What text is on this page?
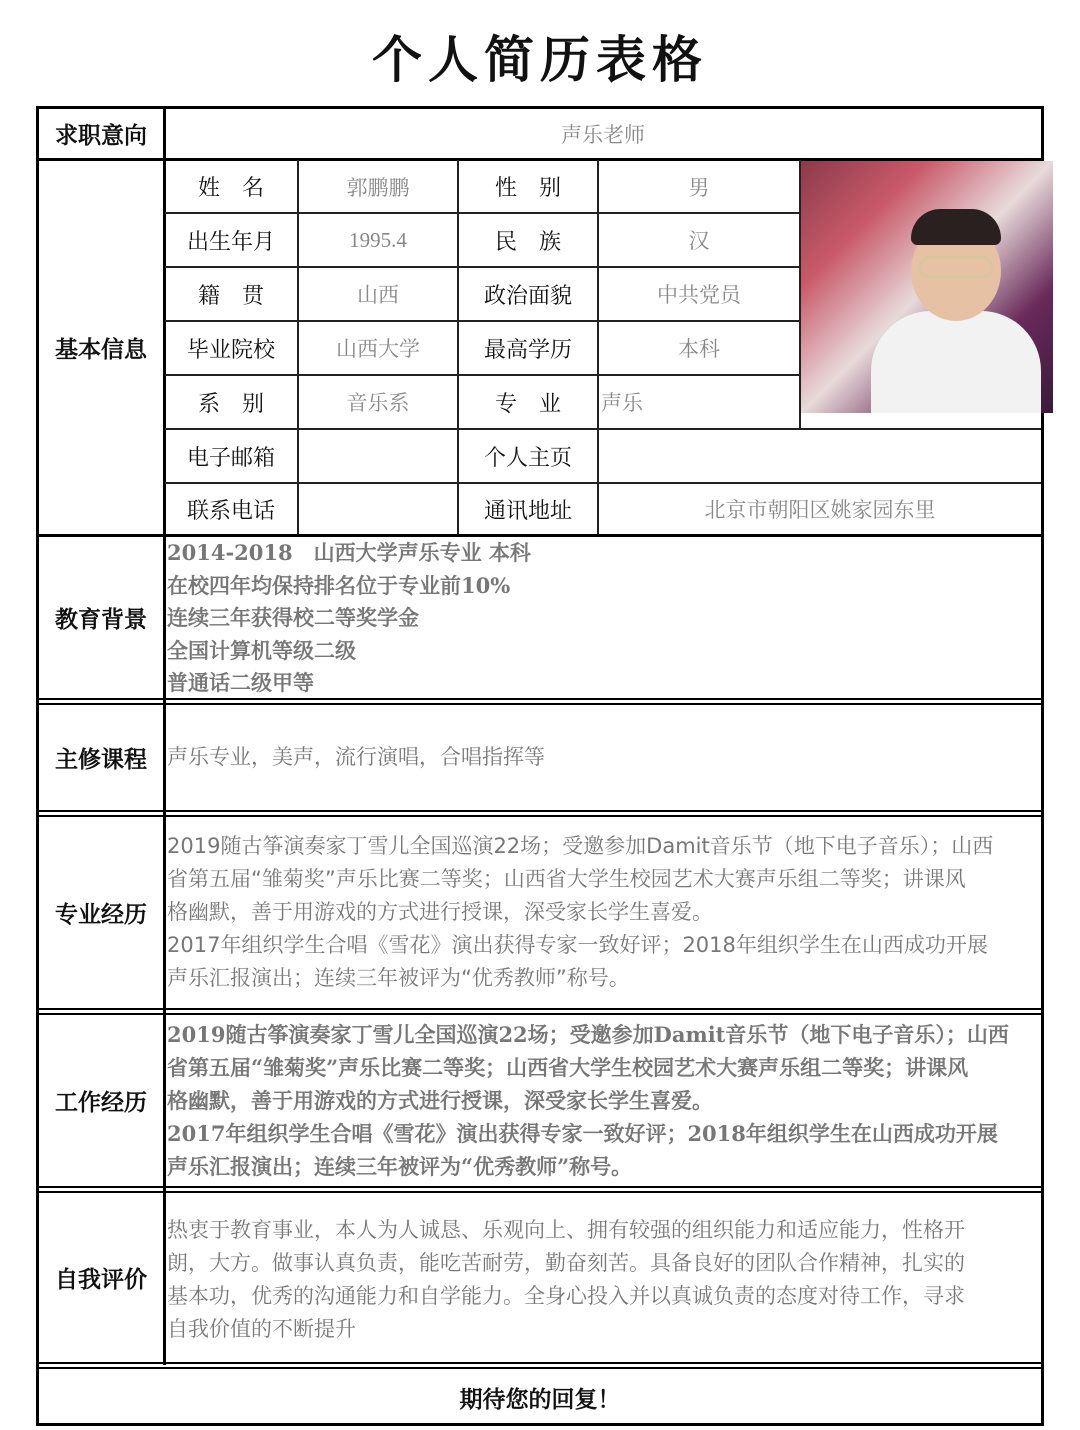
个人简历表格
求职意向	声乐老师
基本信息
姓名	郭鹏鹏	性别	男
出生年月	1995.4	民族	汉
籍贯	山西	政治面貌	中共党员
毕业院校	山西大学	最高学历	本科
系别	音乐系	专业 声乐
电子邮箱	个人主页
联系电话	通讯地址	北京市朝阳区姚家园东里
教育背景
2014-2018　山西大学声乐专业 本科
在校四年均保持排名位于专业前10%
连续三年获得校二等奖学金
全国计算机等级二级
普通话二级甲等
主修课程 声乐专业，美声，流行演唱，合唱指挥等
专业经历
2019随古筝演奏家丁雪儿全国巡演22场；受邀参加Damit音乐节（地下电子音乐）；山西
省第五届“雏菊奖”声乐比赛二等奖；山西省大学生校园艺术大赛声乐组二等奖；讲课风
格幽默，善于用游戏的方式进行授课，深受家长学生喜爱。
2017年组织学生合唱《雪花》演出获得专家一致好评；2018年组织学生在山西成功开展
声乐汇报演出；连续三年被评为“优秀教师”称号。
工作经历
2019随古筝演奏家丁雪儿全国巡演22场；受邀参加Damit音乐节（地下电子音乐）；山西
省第五届“雏菊奖”声乐比赛二等奖；山西省大学生校园艺术大赛声乐组二等奖；讲课风
格幽默，善于用游戏的方式进行授课，深受家长学生喜爱。
2017年组织学生合唱《雪花》演出获得专家一致好评；2018年组织学生在山西成功开展
声乐汇报演出；连续三年被评为“优秀教师”称号。
自我评价
热衷于教育事业，本人为人诚恳、乐观向上、拥有较强的组织能力和适应能力，性格开
朗，大方。做事认真负责，能吃苦耐劳，勤奋刻苦。具备良好的团队合作精神，扎实的
基本功，优秀的沟通能力和自学能力。全身心投入并以真诚负责的态度对待工作，寻求
自我价值的不断提升
期待您的回复！
